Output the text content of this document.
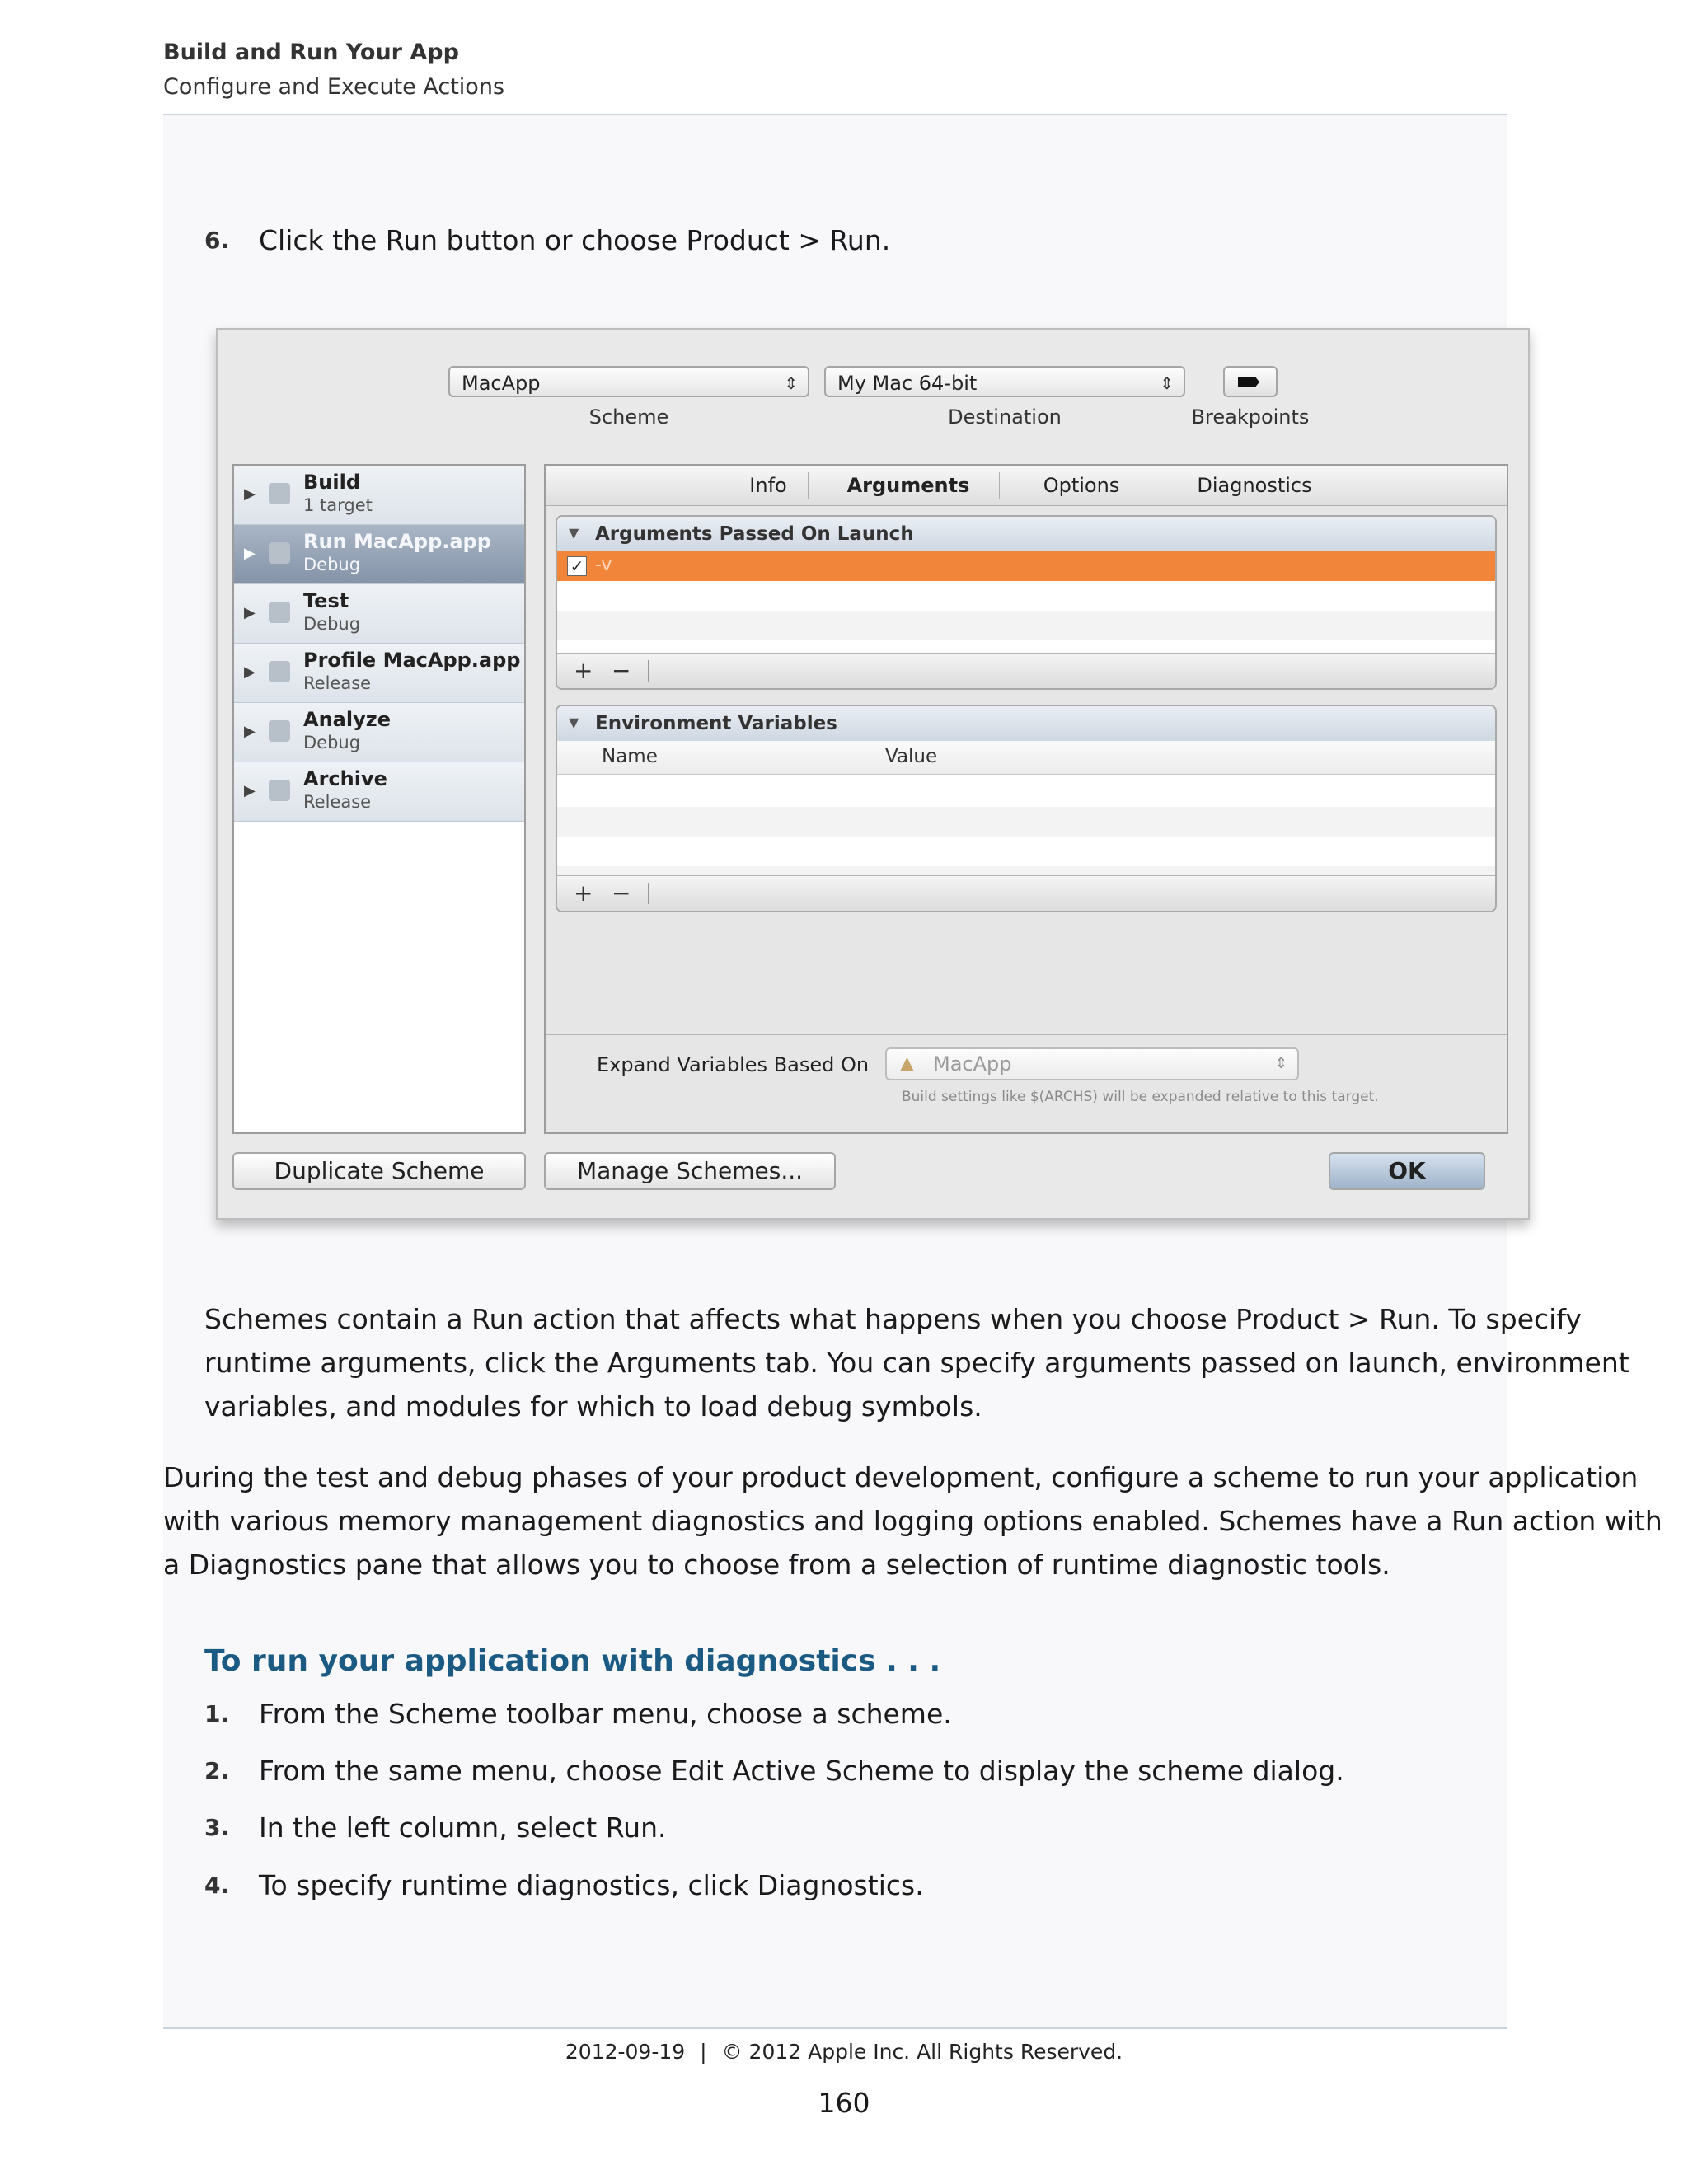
Build and Run Your App
Configure and Execute Actions
6. Click the Run button or choose Product > Run.
MacApp	⇕	My Mac 64-bit	⇕
Scheme	Destination	Breakpoints
▶
Build
1 target
▶
Run MacApp.app
Debug
▶
Test
Debug
▶
Profile MacApp.app
Release
▶
Analyze
Debug
▶
Archive
Release
Info	Arguments	Options	Diagnostics
▼ Arguments Passed On Launch
✓ -v
+ −
▼ Environment Variables
Name	Value
+ −
Expand Variables Based On ▲ MacApp	⇕
Build settings like $(ARCHS) will be expanded relative to this target.
Duplicate Scheme	Manage Schemes...	OK
Schemes contain a Run action that affects what happens when you choose Product > Run. To specify
runtime arguments, click the Arguments tab. You can specify arguments passed on launch, environment
variables, and modules for which to load debug symbols.
During the test and debug phases of your product development, configure a scheme to run your application
with various memory management diagnostics and logging options enabled. Schemes have a Run action with
a Diagnostics pane that allows you to choose from a selection of runtime diagnostic tools.
To run your application with diagnostics . . .
1. From the Scheme toolbar menu, choose a scheme.
2. From the same menu, choose Edit Active Scheme to display the scheme dialog.
3. In the left column, select Run.
4. To specify runtime diagnostics, click Diagnostics.
2012-09-19 | © 2012 Apple Inc. All Rights Reserved.
160
